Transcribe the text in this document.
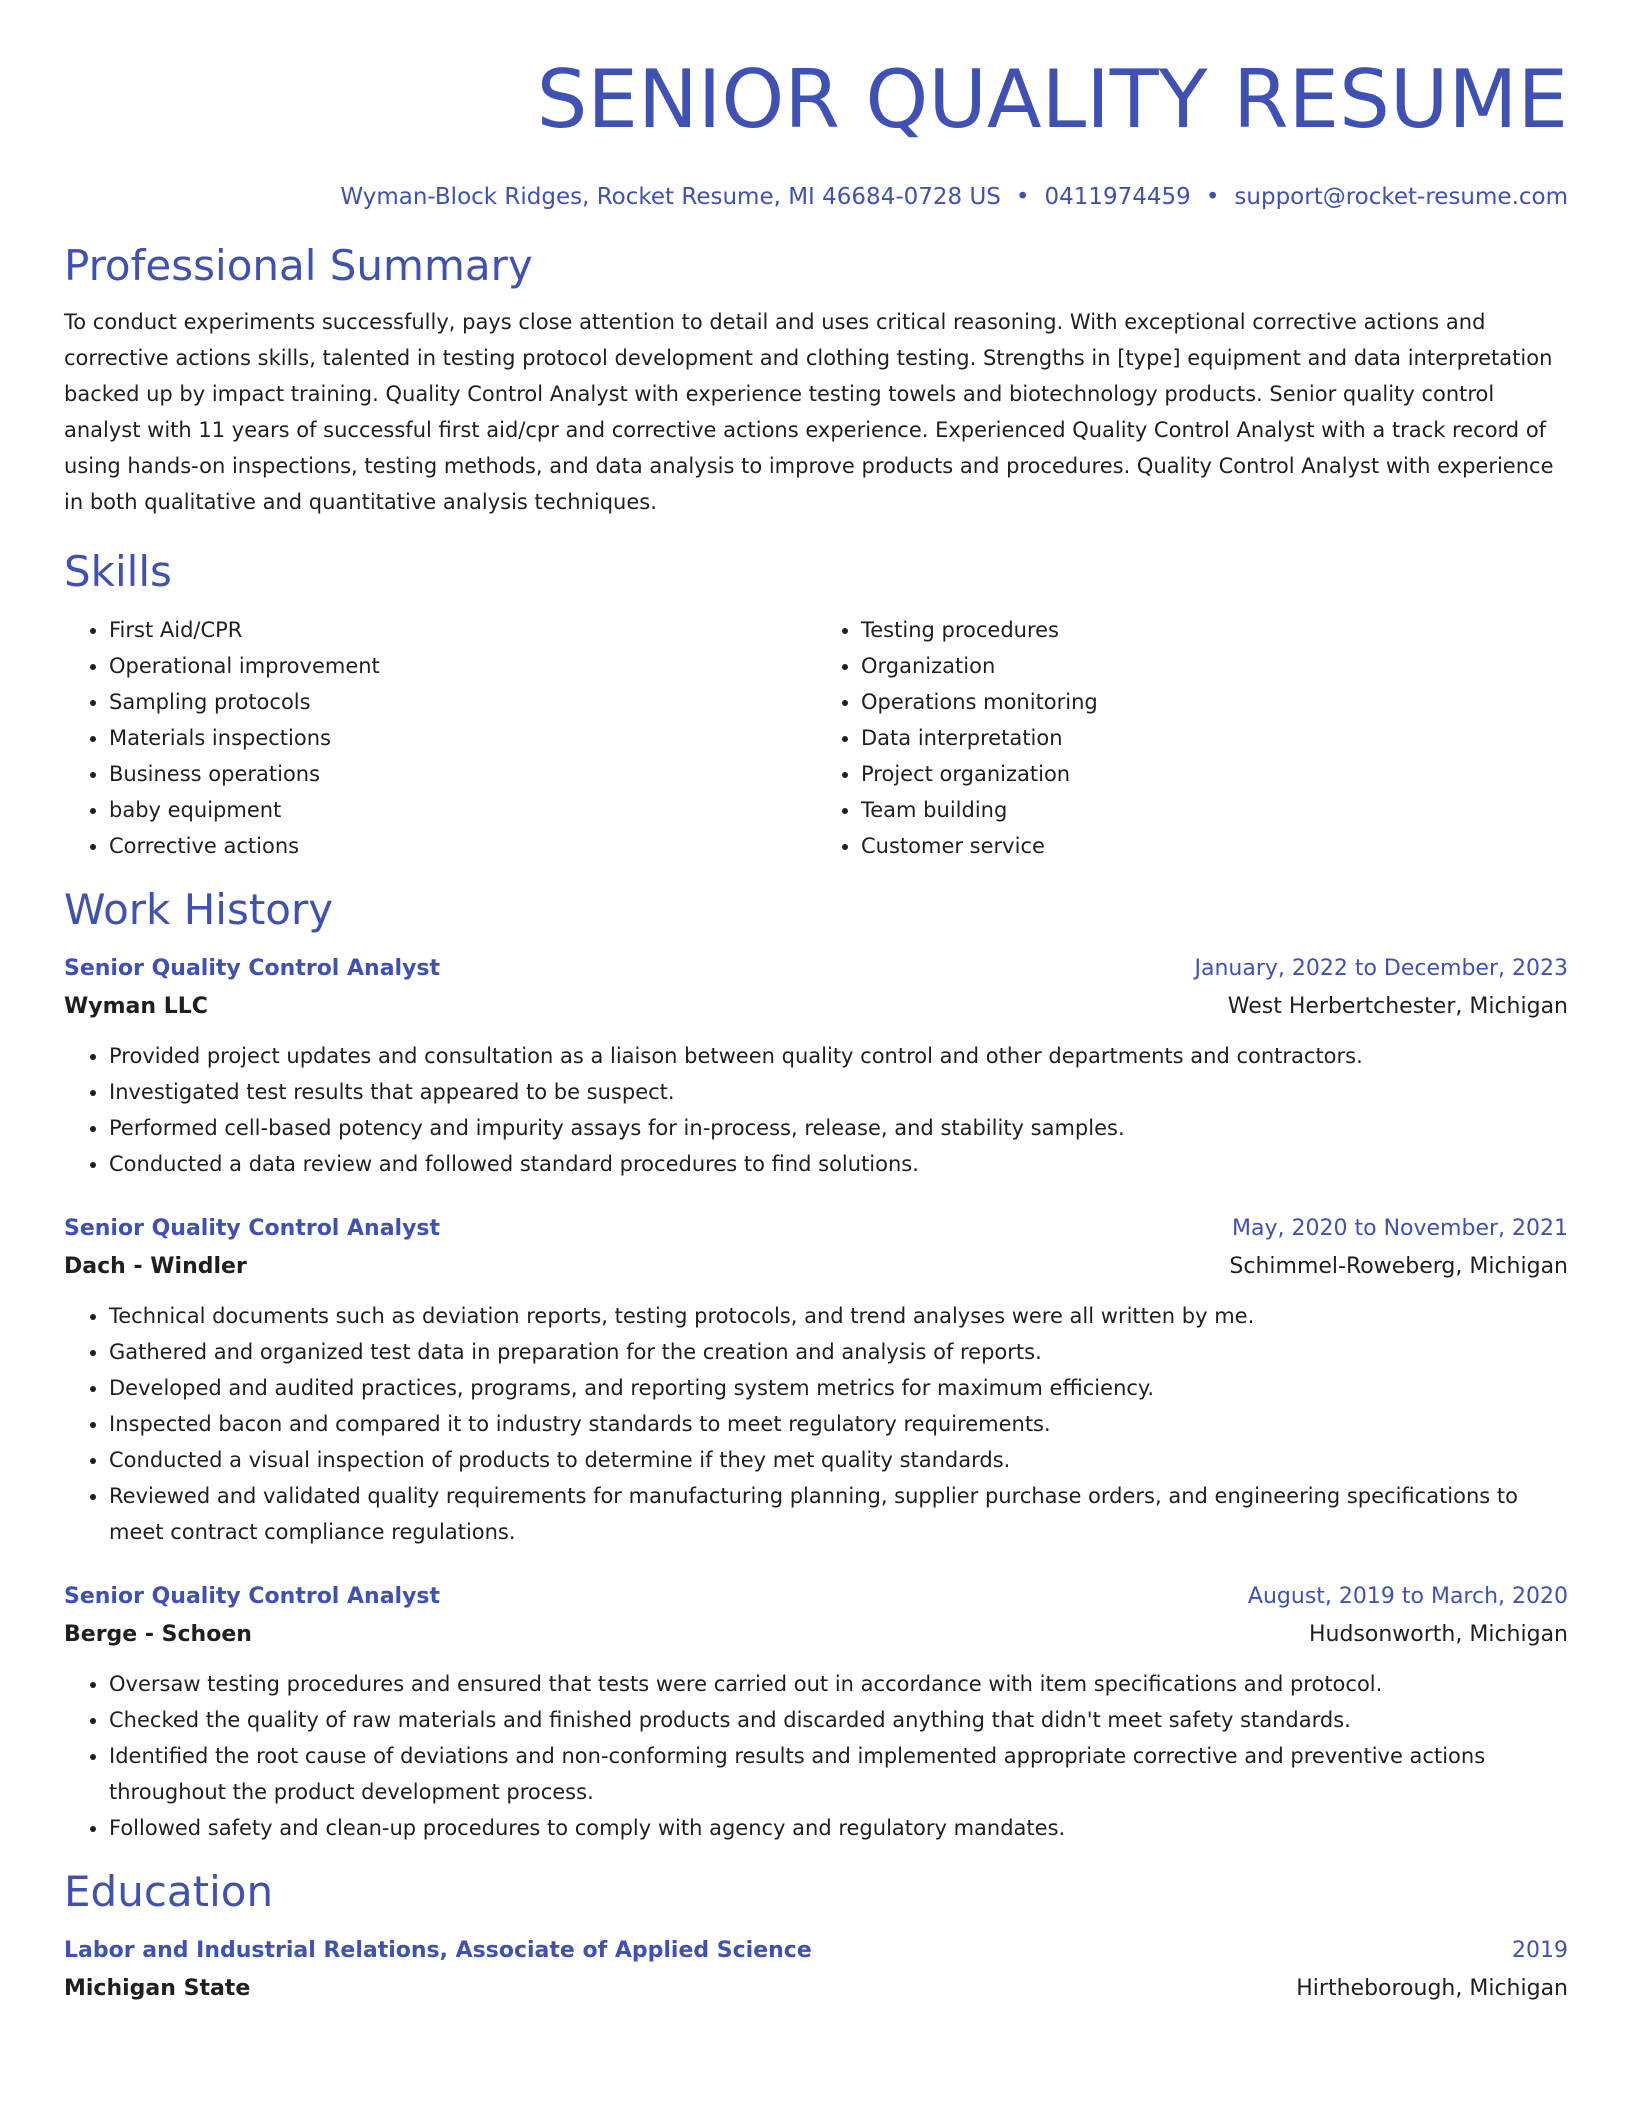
SENIOR QUALITY RESUME
Wyman-Block Ridges, Rocket Resume, MI 46684-0728 US • 0411974459 • support@rocket-resume.com
Professional Summary
To conduct experiments successfully, pays close attention to detail and uses critical reasoning. With exceptional corrective actions and corrective actions skills, talented in testing protocol development and clothing testing. Strengths in [type] equipment and data interpretation backed up by impact training. Quality Control Analyst with experience testing towels and biotechnology products. Senior quality control analyst with 11 years of successful first aid/cpr and corrective actions experience. Experienced Quality Control Analyst with a track record of using hands-on inspections, testing methods, and data analysis to improve products and procedures. Quality Control Analyst with experience in both qualitative and quantitative analysis techniques.
Skills
• First Aid/CPR
• Operational improvement
• Sampling protocols
• Materials inspections
• Business operations
• baby equipment
• Corrective actions
• Testing procedures
• Organization
• Operations monitoring
• Data interpretation
• Project organization
• Team building
• Customer service
Work History
Senior Quality Control Analyst	January, 2022 to December, 2023
Wyman LLC	West Herbertchester, Michigan
• Provided project updates and consultation as a liaison between quality control and other departments and contractors.
• Investigated test results that appeared to be suspect.
• Performed cell-based potency and impurity assays for in-process, release, and stability samples.
• Conducted a data review and followed standard procedures to find solutions.
Senior Quality Control Analyst	May, 2020 to November, 2021
Dach - Windler	Schimmel-Roweberg, Michigan
• Technical documents such as deviation reports, testing protocols, and trend analyses were all written by me.
• Gathered and organized test data in preparation for the creation and analysis of reports.
• Developed and audited practices, programs, and reporting system metrics for maximum efficiency.
• Inspected bacon and compared it to industry standards to meet regulatory requirements.
• Conducted a visual inspection of products to determine if they met quality standards.
• Reviewed and validated quality requirements for manufacturing planning, supplier purchase orders, and engineering specifications to meet contract compliance regulations.
Senior Quality Control Analyst	August, 2019 to March, 2020
Berge - Schoen	Hudsonworth, Michigan
• Oversaw testing procedures and ensured that tests were carried out in accordance with item specifications and protocol.
• Checked the quality of raw materials and finished products and discarded anything that didn't meet safety standards.
• Identified the root cause of deviations and non-conforming results and implemented appropriate corrective and preventive actions throughout the product development process.
• Followed safety and clean-up procedures to comply with agency and regulatory mandates.
Education
Labor and Industrial Relations, Associate of Applied Science	2019
Michigan State	Hirtheborough, Michigan
